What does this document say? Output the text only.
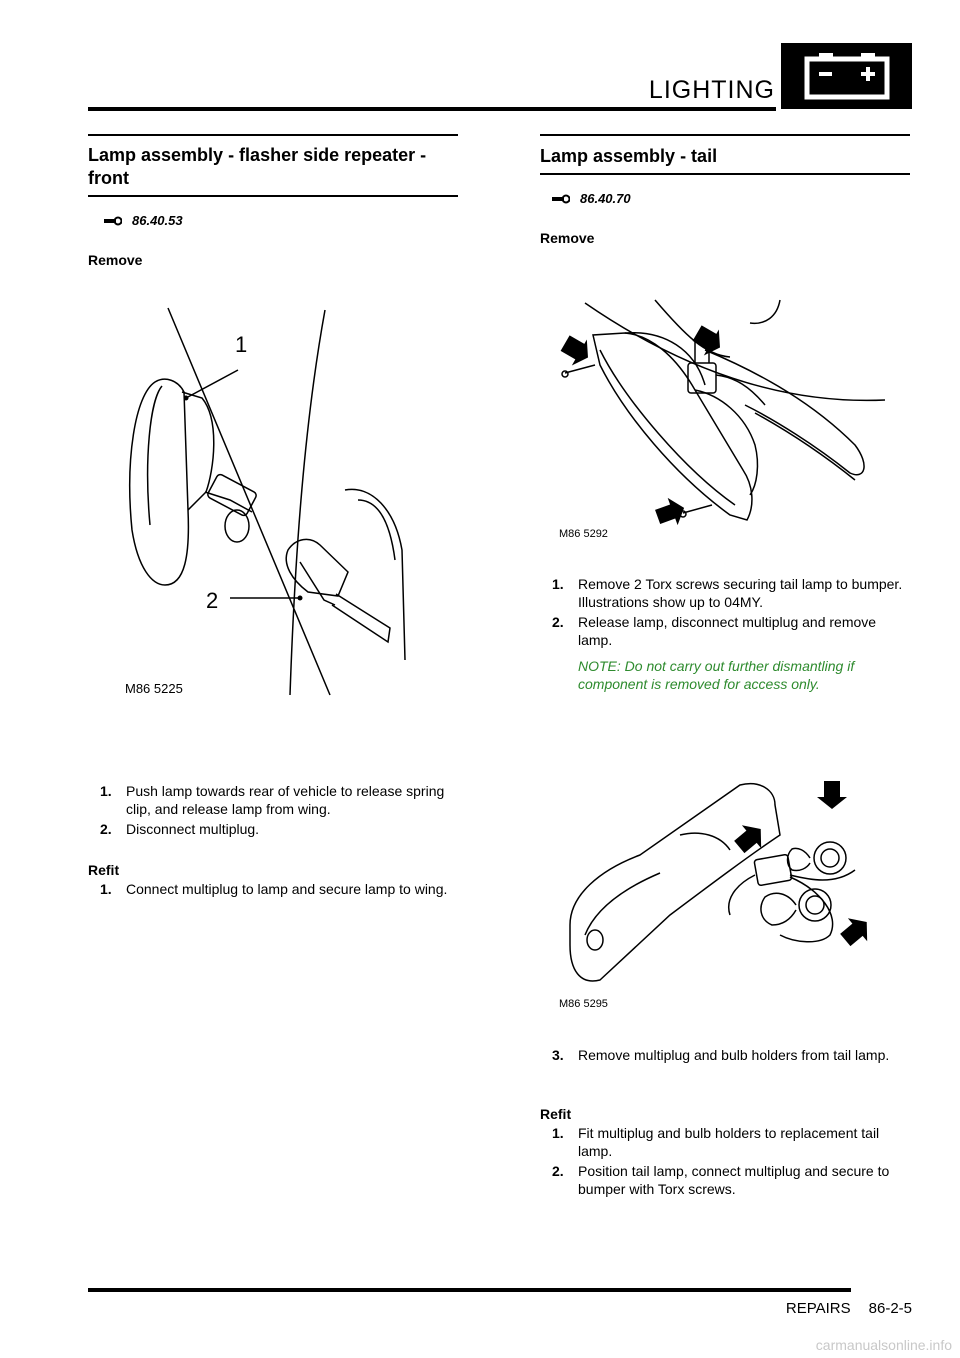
LIGHTING
Lamp assembly - flasher side repeater - front
86.40.53
Remove
1
2
M86 5225
1.	Push lamp towards rear of vehicle to release spring clip, and release lamp from wing.
2.	Disconnect multiplug.
Refit
1.	Connect multiplug to lamp and secure lamp to wing.
Lamp assembly - tail
86.40.70
Remove
M86 5292
1.	Remove 2 Torx screws securing tail lamp to bumper. Illustrations show up to 04MY.
2.	Release lamp, disconnect multiplug and remove lamp.
NOTE: Do not carry out further dismantling if component is removed for access only.
M86 5295
3.	Remove multiplug and bulb holders from tail lamp.
Refit
1.	Fit multiplug and bulb holders to replacement tail lamp.
2.	Position tail lamp, connect multiplug and secure to bumper with Torx screws.
REPAIRS 86-2-5
carmanualsonline.info
